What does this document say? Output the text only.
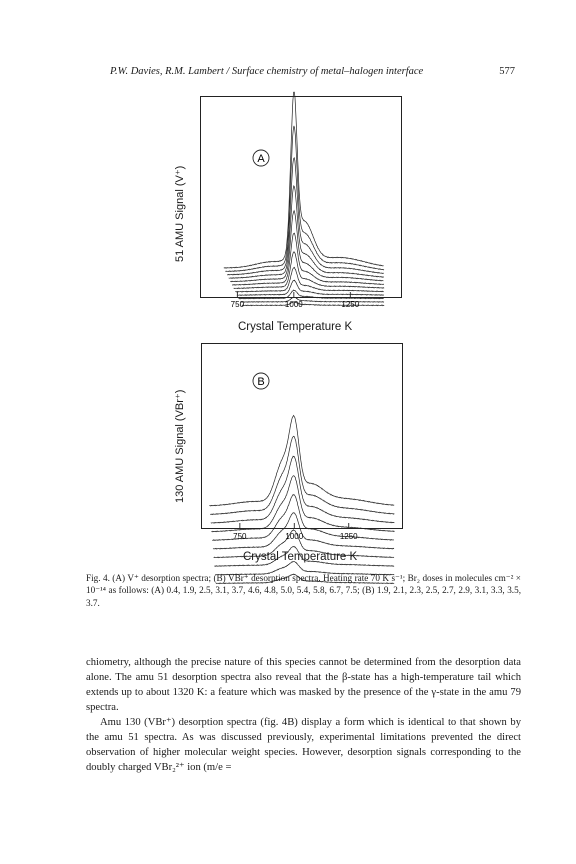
P.W. Davies, R.M. Lambert / Surface chemistry of metal–halogen interface	577
A
750	1000	1250
51 AMU Signal (V⁺)
Crystal Temperature K
B
750	1000	1250
130 AMU Signal (VBr⁺)
Crystal Temperature K
Fig. 4. (A) V⁺ desorption spectra; (B) VBr⁺ desorption spectra. Heating rate 70 K s⁻¹; Br₂ doses in molecules cm⁻² × 10⁻¹⁴ as follows: (A) 0.4, 1.9, 2.5, 3.1, 3.7, 4.6, 4.8, 5.0, 5.4, 5.8, 6.7, 7.5; (B) 1.9, 2.1, 2.3, 2.5, 2.7, 2.9, 3.1, 3.3, 3.5, 3.7.

chiometry, although the precise nature of this species cannot be determined from the desorption data alone. The amu 51 desorption spectra also reveal that the β-state has a high-temperature tail which extends up to about 1320 K: a feature which was masked by the presence of the γ-state in the amu 79 spectra.

Amu 130 (VBr⁺) desorption spectra (fig. 4B) display a form which is identical to that shown by the amu 51 spectra. As was discussed previously, experimental limitations prevented the direct observation of higher molecular weight species. However, desorption signals corresponding to the doubly charged VBr₂²⁺ ion (m/e =
